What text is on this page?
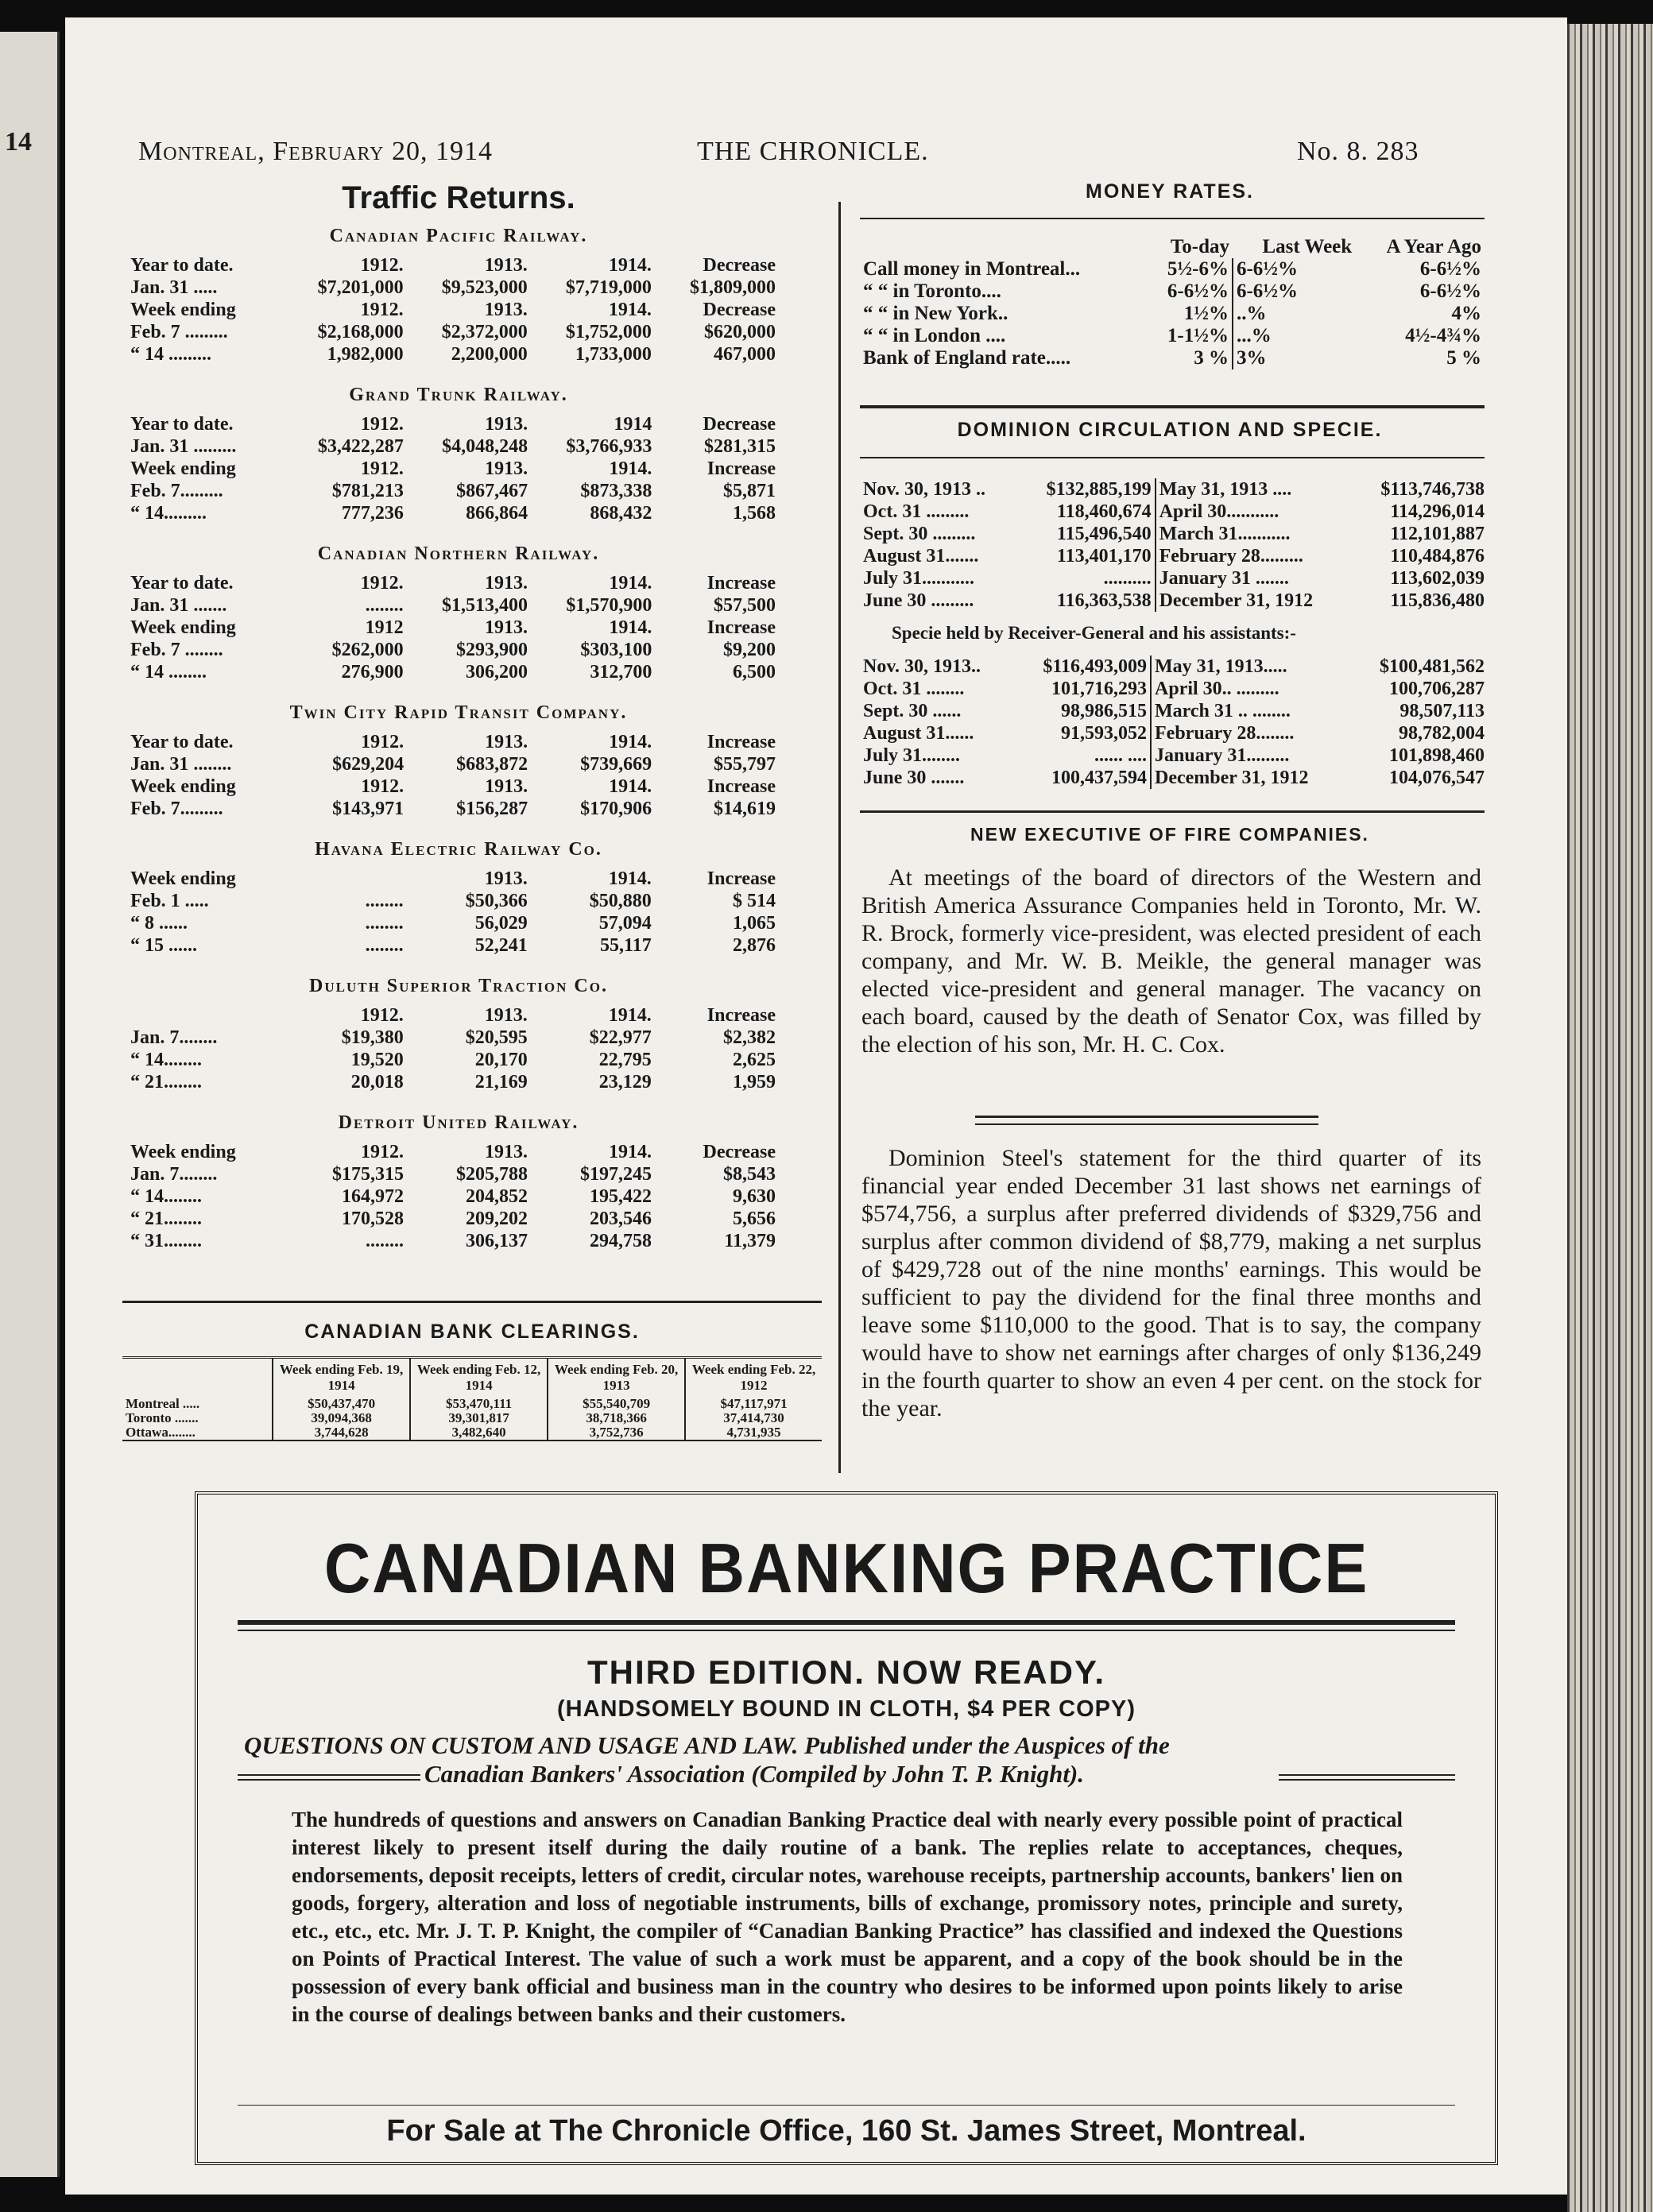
14	Montreal, February 20, 1914	THE CHRONICLE.	No. 8. 283
Traffic Returns.
Canadian Pacific Railway.
Year to date.	1912.	1913.	1914.	Decrease
Jan. 31 .....	$7,201,000	$9,523,000	$7,719,000	$1,809,000
Week ending	1912.	1913.	1914.	Decrease
Feb. 7 .........	$2,168,000	$2,372,000	$1,752,000	$620,000
“ 14 .........	1,982,000	2,200,000	1,733,000	467,000
Grand Trunk Railway.
Year to date.	1912.	1913.	1914	Decrease
Jan. 31 .........	$3,422,287	$4,048,248	$3,766,933	$281,315
Week ending	1912.	1913.	1914.	Increase
Feb. 7.........	$781,213	$867,467	$873,338	$5,871
“ 14.........	777,236	866,864	868,432	1,568
Canadian Northern Railway.
Year to date.	1912.	1913.	1914.	Increase
Jan. 31 .......	........	$1,513,400	$1,570,900	$57,500
Week ending	1912	1913.	1914.	Increase
Feb. 7 ........	$262,000	$293,900	$303,100	$9,200
“ 14 ........	276,900	306,200	312,700	6,500
Twin City Rapid Transit Company.
Year to date.	1912.	1913.	1914.	Increase
Jan. 31 ........	$629,204	$683,872	$739,669	$55,797
Week ending	1912.	1913.	1914.	Increase
Feb. 7.........	$143,971	$156,287	$170,906	$14,619
Havana Electric Railway Co.
Week ending		1913.	1914.	Increase
Feb. 1 .....	........	$50,366	$50,880	$ 514
“ 8 ......	........	56,029	57,094	1,065
“ 15 ......	........	52,241	55,117	2,876
Duluth Superior Traction Co.
	1912.	1913.	1914.	Increase
Jan. 7........	$19,380	$20,595	$22,977	$2,382
“ 14........	19,520	20,170	22,795	2,625
“ 21........	20,018	21,169	23,129	1,959
Detroit United Railway.
Week ending	1912.	1913.	1914.	Decrease
Jan. 7........	$175,315	$205,788	$197,245	$8,543
“ 14........	164,972	204,852	195,422	9,630
“ 21........	170,528	209,202	203,546	5,656
“ 31........	........	306,137	294,758	11,379
CANADIAN BANK CLEARINGS.
	Week ending Feb. 19, 1914	Week ending Feb. 12, 1914	Week ending Feb. 20, 1913	Week ending Feb. 22, 1912
Montreal .....	$50,437,470	$53,470,111	$55,540,709	$47,117,971
Toronto .......	39,094,368	39,301,817	38,718,366	37,414,730
Ottawa........	3,744,628	3,482,640	3,752,736	4,731,935
MONEY RATES.
	To-day	Last Week	A Year Ago
Call money in Montreal...	5½-6%	6-6½%	6-6½%
“ “ in Toronto....	6-6½%	6-6½%	6-6½%
“ “ in New York..	1½%	..%	4%
“ “ in London ....	1-1½%	...%	4½-4¾%
Bank of England rate.....	3 %	3%	5 %
DOMINION CIRCULATION AND SPECIE.
Nov. 30, 1913 ..	$132,885,199	May 31, 1913 ....	$113,746,738
Oct. 31 .........	118,460,674	April 30...........	114,296,014
Sept. 30 .........	115,496,540	March 31...........	112,101,887
August 31.......	113,401,170	February 28.........	110,484,876
July 31...........	..........	January 31 .......	113,602,039
June 30 .........	116,363,538	December 31, 1912	115,836,480
Specie held by Receiver-General and his assistants:-
Nov. 30, 1913..	$116,493,009	May 31, 1913.....	$100,481,562
Oct. 31 ........	101,716,293	April 30.. .........	100,706,287
Sept. 30 ......	98,986,515	March 31 .. ........	98,507,113
August 31......	91,593,052	February 28........	98,782,004
July 31........	...... ....	January 31.........	101,898,460
June 30 .......	100,437,594	December 31, 1912	104,076,547
NEW EXECUTIVE OF FIRE COMPANIES.

At meetings of the board of directors of the Western and British America Assurance Companies held in Toronto, Mr. W. R. Brock, formerly vice-president, was elected president of each company, and Mr. W. B. Meikle, the general manager was elected vice-president and general manager. The vacancy on each board, caused by the death of Senator Cox, was filled by the election of his son, Mr. H. C. Cox.

Dominion Steel's statement for the third quarter of its financial year ended December 31 last shows net earnings of $574,756, a surplus after preferred dividends of $329,756 and surplus after common dividend of $8,779, making a net surplus of $429,728 out of the nine months' earnings. This would be sufficient to pay the dividend for the final three months and leave some $110,000 to the good. That is to say, the company would have to show net earnings after charges of only $136,249 in the fourth quarter to show an even 4 per cent. on the stock for the year.

CANADIAN BANKING PRACTICE
THIRD EDITION. NOW READY.
(HANDSOMELY BOUND IN CLOTH, $4 PER COPY)
QUESTIONS ON CUSTOM AND USAGE AND LAW. Published under the Auspices of the
Canadian Bankers' Association (Compiled by John T. P. Knight).
The hundreds of questions and answers on Canadian Banking Practice deal with nearly every possible point of practical interest likely to present itself during the daily routine of a bank. The replies relate to acceptances, cheques, endorsements, deposit receipts, letters of credit, circular notes, warehouse receipts, partnership accounts, bankers' lien on goods, forgery, alteration and loss of negotiable instruments, bills of exchange, promissory notes, principle and surety, etc., etc., etc. Mr. J. T. P. Knight, the compiler of “Canadian Banking Practice” has classified and indexed the Questions on Points of Practical Interest. The value of such a work must be apparent, and a copy of the book should be in the possession of every bank official and business man in the country who desires to be informed upon points likely to arise in the course of dealings between banks and their customers.
For Sale at The Chronicle Office, 160 St. James Street, Montreal.
